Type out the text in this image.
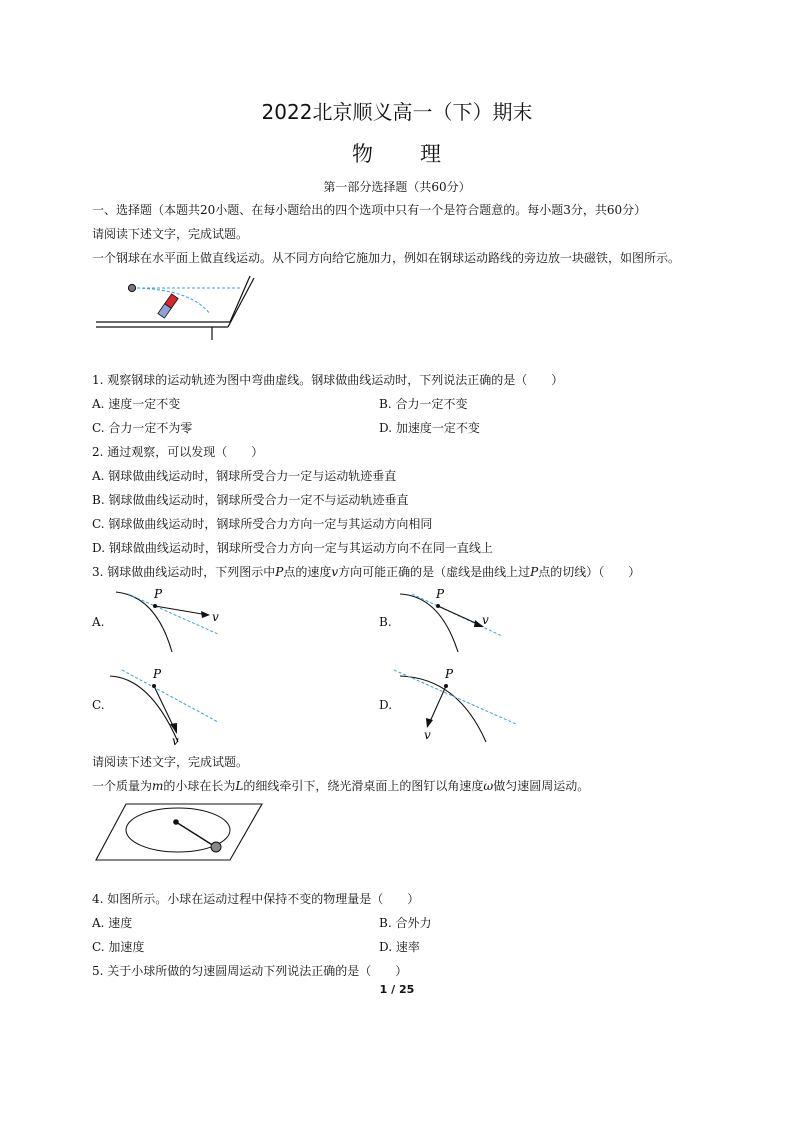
2022北京顺义高一（下）期末
物 理
第一部分选择题（共60分）
一、选择题（本题共20小题、在每小题给出的四个选项中只有一个是符合题意的。每小题3分，共60分）
请阅读下述文字，完成试题。
一个钢球在水平面上做直线运动。从不同方向给它施加力，例如在钢球运动路线的旁边放一块磁铁，如图所示。
1. 观察钢球的运动轨迹为图中弯曲虚线。钢球做曲线运动时，下列说法正确的是（　　）
A. 速度一定不变	B. 合力一定不变
C. 合力一定不为零	D. 加速度一定不变
2. 通过观察，可以发现（　　）
A. 钢球做曲线运动时，钢球所受合力一定与运动轨迹垂直
B. 钢球做曲线运动时，钢球所受合力一定不与运动轨迹垂直
C. 钢球做曲线运动时，钢球所受合力方向一定与其运动方向相同
D. 钢球做曲线运动时，钢球所受合力方向一定与其运动方向不在同一直线上
3. 钢球做曲线运动时，下列图示中P点的速度v方向可能正确的是（虚线是曲线上过P点的切线）（　　）
A.
P
v	B.
P
v
C.
P
v
D.
P
v
请阅读下述文字，完成试题。
一个质量为m的小球在长为L的细线牵引下，绕光滑桌面上的图钉以角速度ω做匀速圆周运动。
4. 如图所示。小球在运动过程中保持不变的物理量是（　　）
A. 速度	B. 合外力
C. 加速度	D. 速率
5. 关于小球所做的匀速圆周运动下列说法正确的是（　　）
1 / 25
